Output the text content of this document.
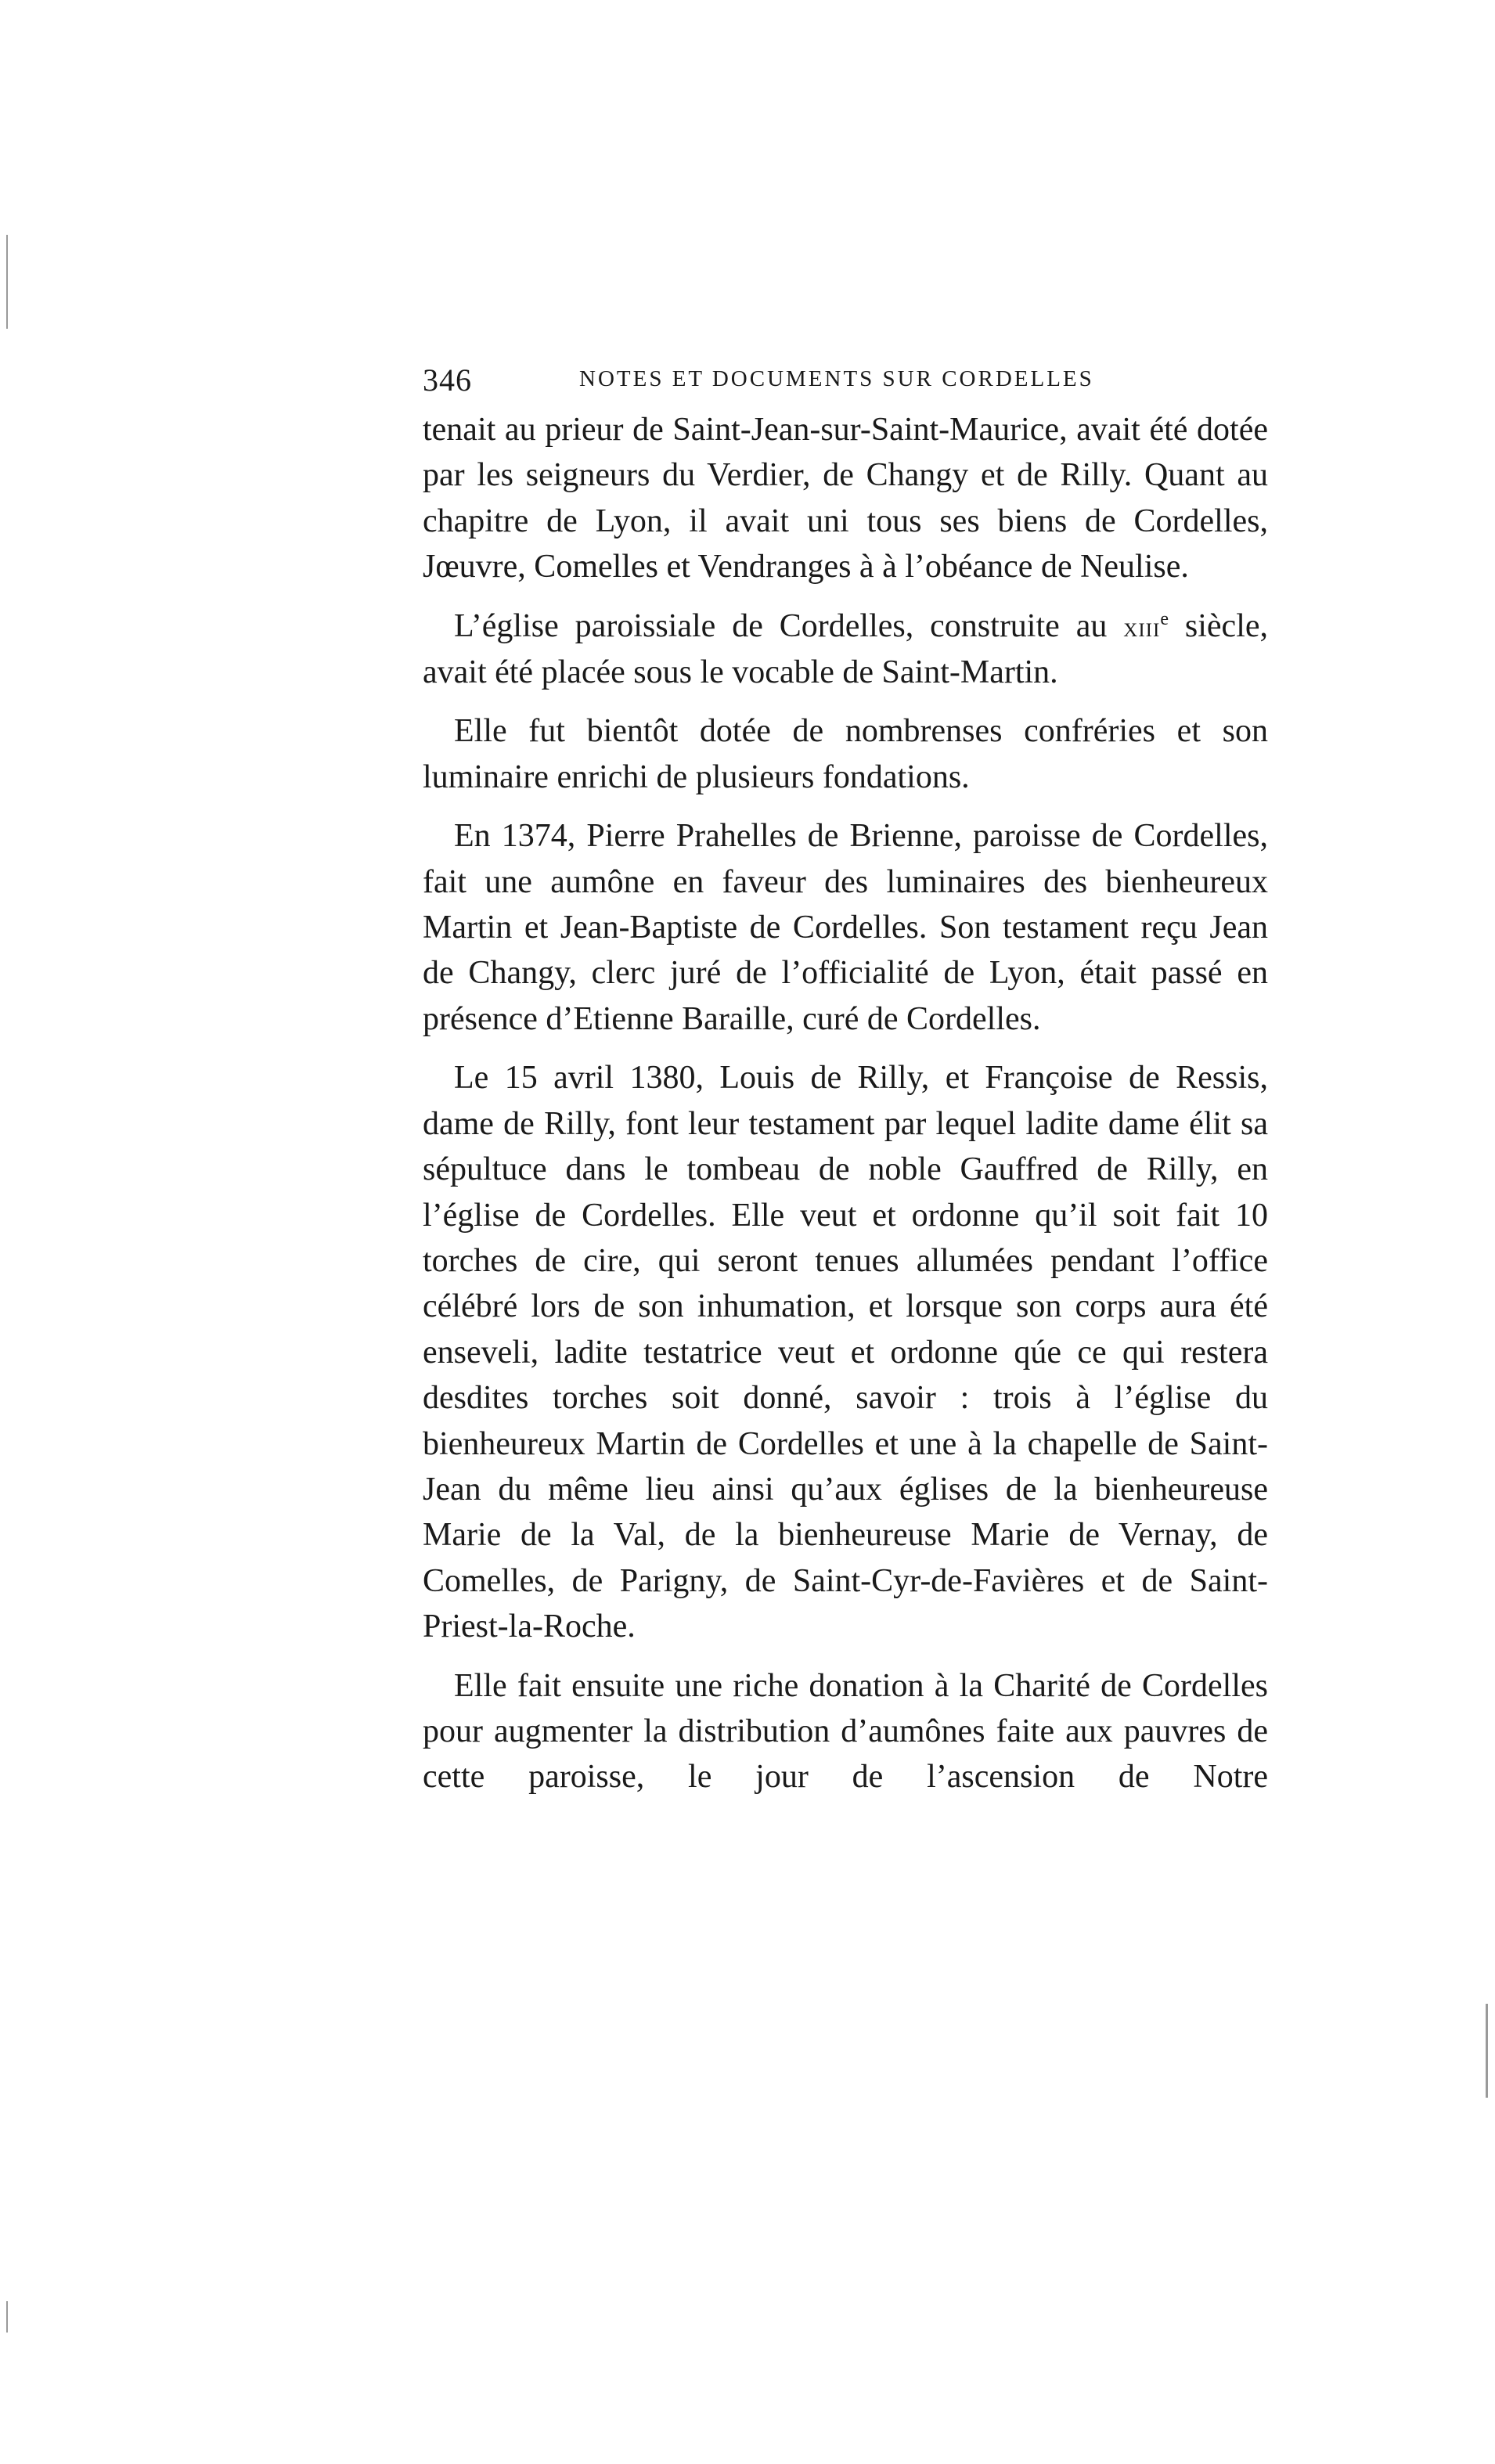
346	NOTES ET DOCUMENTS SUR CORDELLES

tenait au prieur de Saint-Jean-sur-Saint-Maurice, avait été dotée par les seigneurs du Verdier, de Changy et de Rilly. Quant au chapitre de Lyon, il avait uni tous ses biens de Cordelles, Jœuvre, Comelles et Vendranges à à l’obéance de Neulise.

L’église paroissiale de Cordelles, construite au xiii$^e$ siècle, avait été placée sous le vocable de Saint-Martin.

Elle fut bientôt dotée de nombrenses confréries et son luminaire enrichi de plusieurs fondations.

En 1374, Pierre Prahelles de Brienne, paroisse de Cordelles, fait une aumône en faveur des luminaires des bienheureux Martin et Jean-Baptiste de Cordelles. Son testament reçu Jean de Changy, clerc juré de l’officialité de Lyon, était passé en présence d’Etienne Baraille, curé de Cordelles.

Le 15 avril 1380, Louis de Rilly, et Françoise de Ressis, dame de Rilly, font leur testament par lequel ladite dame élit sa sépultuce dans le tombeau de noble Gauffred de Rilly, en l’église de Cordelles. Elle veut et ordonne qu’il soit fait 10 torches de cire, qui seront tenues allumées pendant l’office célébré lors de son inhumation, et lorsque son corps aura été enseveli, ladite testatrice veut et ordonne qúe ce qui restera desdites torches soit donné, savoir : trois à l’église du bienheureux Martin de Cordelles et une à la chapelle de Saint-Jean du même lieu ainsi qu’aux églises de la bienheureuse Marie de la Val, de la bienheureuse Marie de Vernay, de Comelles, de Parigny, de Saint-Cyr-de-Favières et de Saint-Priest-la-Roche.

Elle fait ensuite une riche donation à la Charité de Cordelles pour augmenter la distribution d’aumônes faite aux pauvres de cette paroisse, le jour de l’ascension de Notre
